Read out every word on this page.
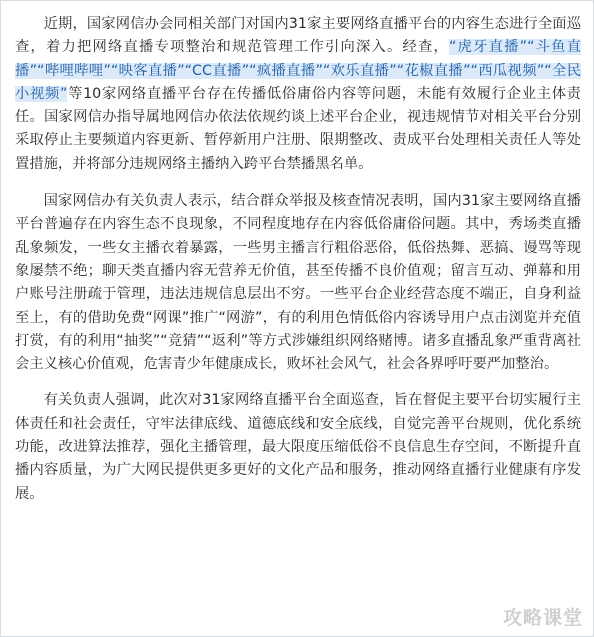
近期，国家网信办会同相关部门对国内31家主要网络直播平台的内容生态进行全面巡查，着力把网络直播专项整治和规范管理工作引向深入。经查，“虎牙直播”“斗鱼直播”“哔哩哔哩”“映客直播”“CC直播”“疯播直播”“欢乐直播”“花椒直播”“西瓜视频”“全民小视频”等10家网络直播平台存在传播低俗庸俗内容等问题，未能有效履行企业主体责任。国家网信办指导属地网信办依法依规约谈上述平台企业，视违规情节对相关平台分别采取停止主要频道内容更新、暂停新用户注册、限期整改、责成平台处理相关责任人等处置措施，并将部分违规网络主播纳入跨平台禁播黑名单。

国家网信办有关负责人表示，结合群众举报及核查情况表明，国内31家主要网络直播平台普遍存在内容生态不良现象，不同程度地存在内容低俗庸俗问题。其中，秀场类直播乱象频发，一些女主播衣着暴露，一些男主播言行粗俗恶俗，低俗热舞、恶搞、谩骂等现象屡禁不绝；聊天类直播内容无营养无价值，甚至传播不良价值观；留言互动、弹幕和用户账号注册疏于管理，违法违规信息层出不穷。一些平台企业经营态度不端正，自身利益至上，有的借助免费“网课”推广“网游”，有的利用色情低俗内容诱导用户点击浏览并充值打赏，有的利用“抽奖”“竞猜”“返利”等方式涉嫌组织网络赌博。诸多直播乱象严重背离社会主义核心价值观，危害青少年健康成长，败坏社会风气，社会各界呼吁要严加整治。

有关负责人强调，此次对31家网络直播平台全面巡查，旨在督促主要平台切实履行主体责任和社会责任，守牢法律底线、道德底线和安全底线，自觉完善平台规则，优化系统功能，改进算法推荐，强化主播管理，最大限度压缩低俗不良信息生存空间，不断提升直播内容质量，为广大网民提供更多更好的文化产品和服务，推动网络直播行业健康有序发展。

攻略课堂
